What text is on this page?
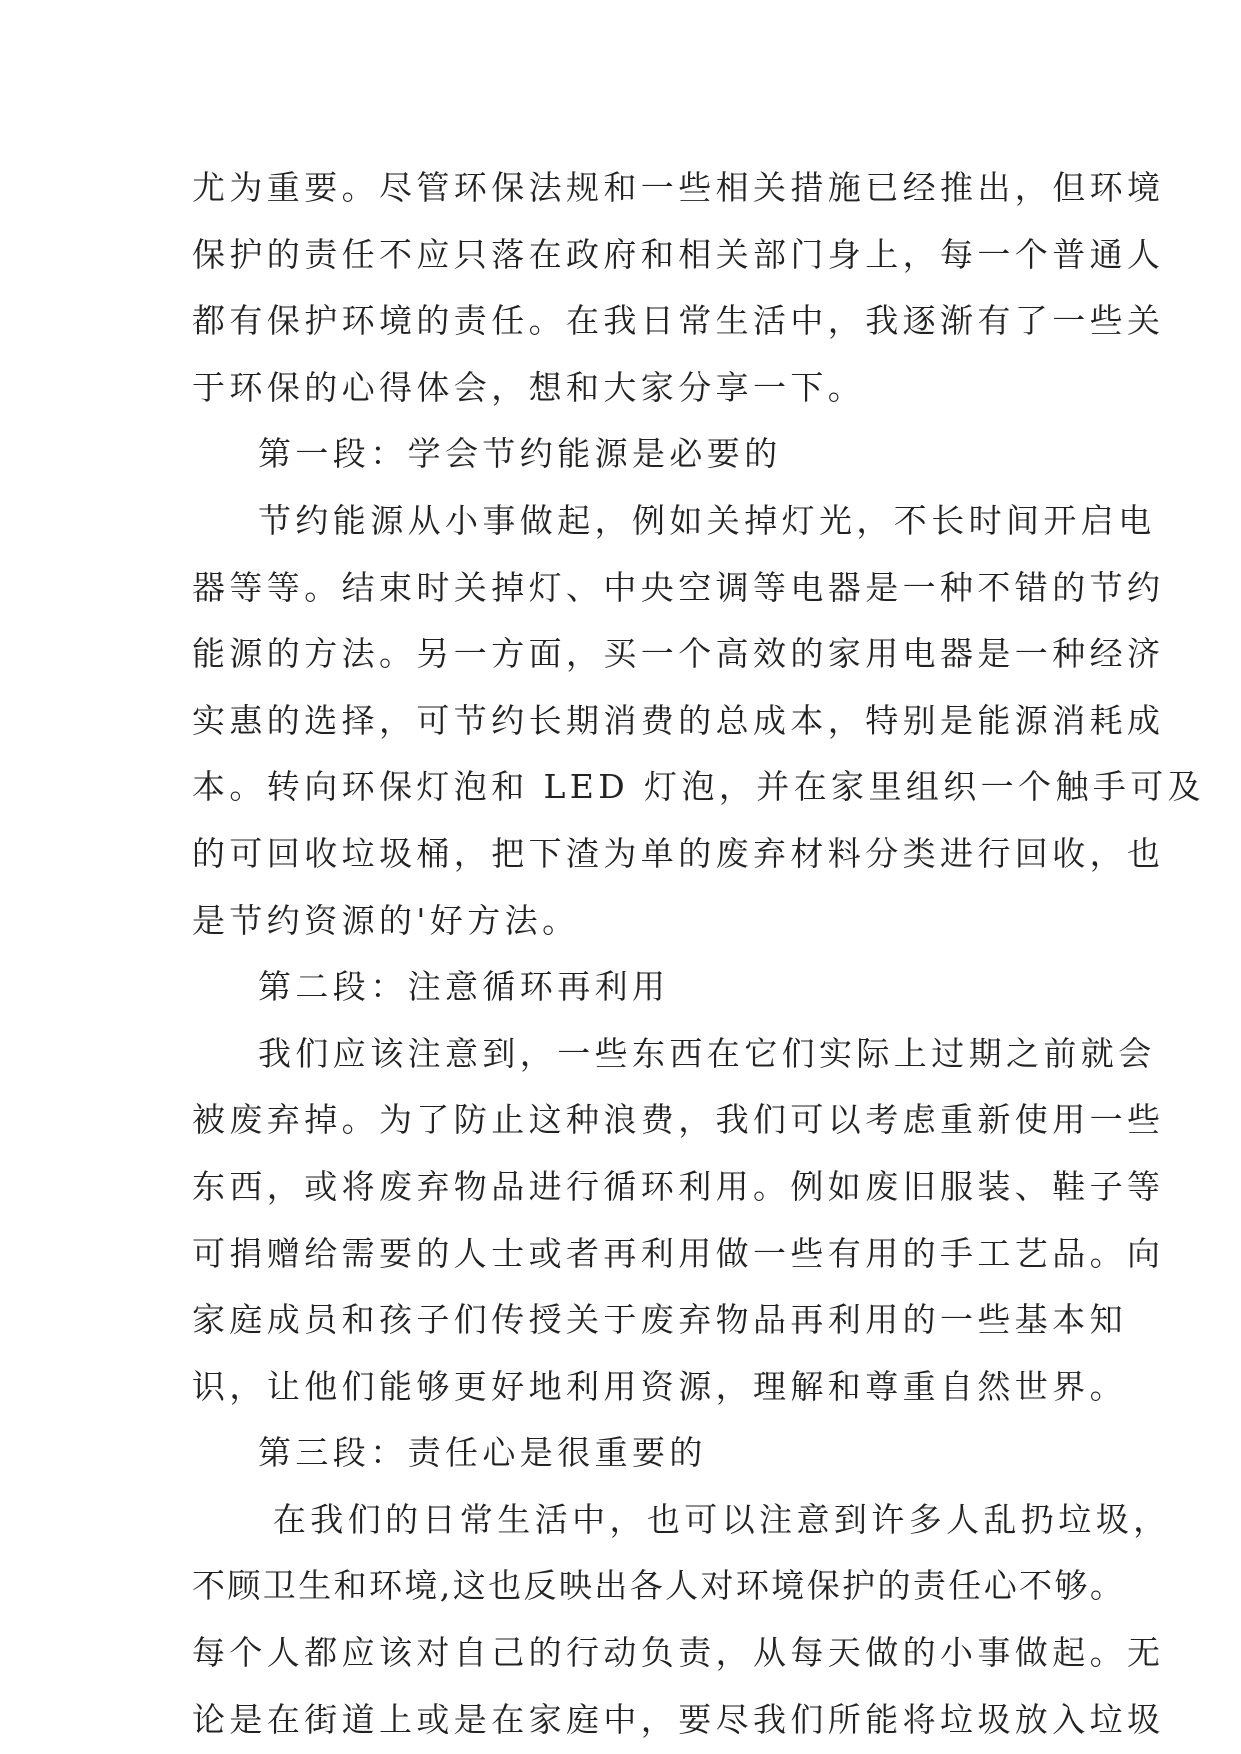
尤为重要。尽管环保法规和一些相关措施已经推出，但环境
保护的责任不应只落在政府和相关部门身上，每一个普通人
都有保护环境的责任。在我日常生活中，我逐渐有了一些关
于环保的心得体会，想和大家分享一下。
第一段：学会节约能源是必要的
节约能源从小事做起，例如关掉灯光，不长时间开启电
器等等。结束时关掉灯、中央空调等电器是一种不错的节约
能源的方法。另一方面，买一个高效的家用电器是一种经济
实惠的选择，可节约长期消费的总成本，特别是能源消耗成
本。转向环保灯泡和 LED 灯泡，并在家里组织一个触手可及
的可回收垃圾桶，把下渣为单的废弃材料分类进行回收，也
是节约资源的'好方法。
第二段：注意循环再利用
我们应该注意到，一些东西在它们实际上过期之前就会
被废弃掉。为了防止这种浪费，我们可以考虑重新使用一些
东西，或将废弃物品进行循环利用。例如废旧服装、鞋子等
可捐赠给需要的人士或者再利用做一些有用的手工艺品。向
家庭成员和孩子们传授关于废弃物品再利用的一些基本知
识，让他们能够更好地利用资源，理解和尊重自然世界。
第三段：责任心是很重要的
在我们的日常生活中，也可以注意到许多人乱扔垃圾，
不顾卫生和环境,这也反映出各人对环境保护的责任心不够。
每个人都应该对自己的行动负责，从每天做的小事做起。无
论是在街道上或是在家庭中，要尽我们所能将垃圾放入垃圾
